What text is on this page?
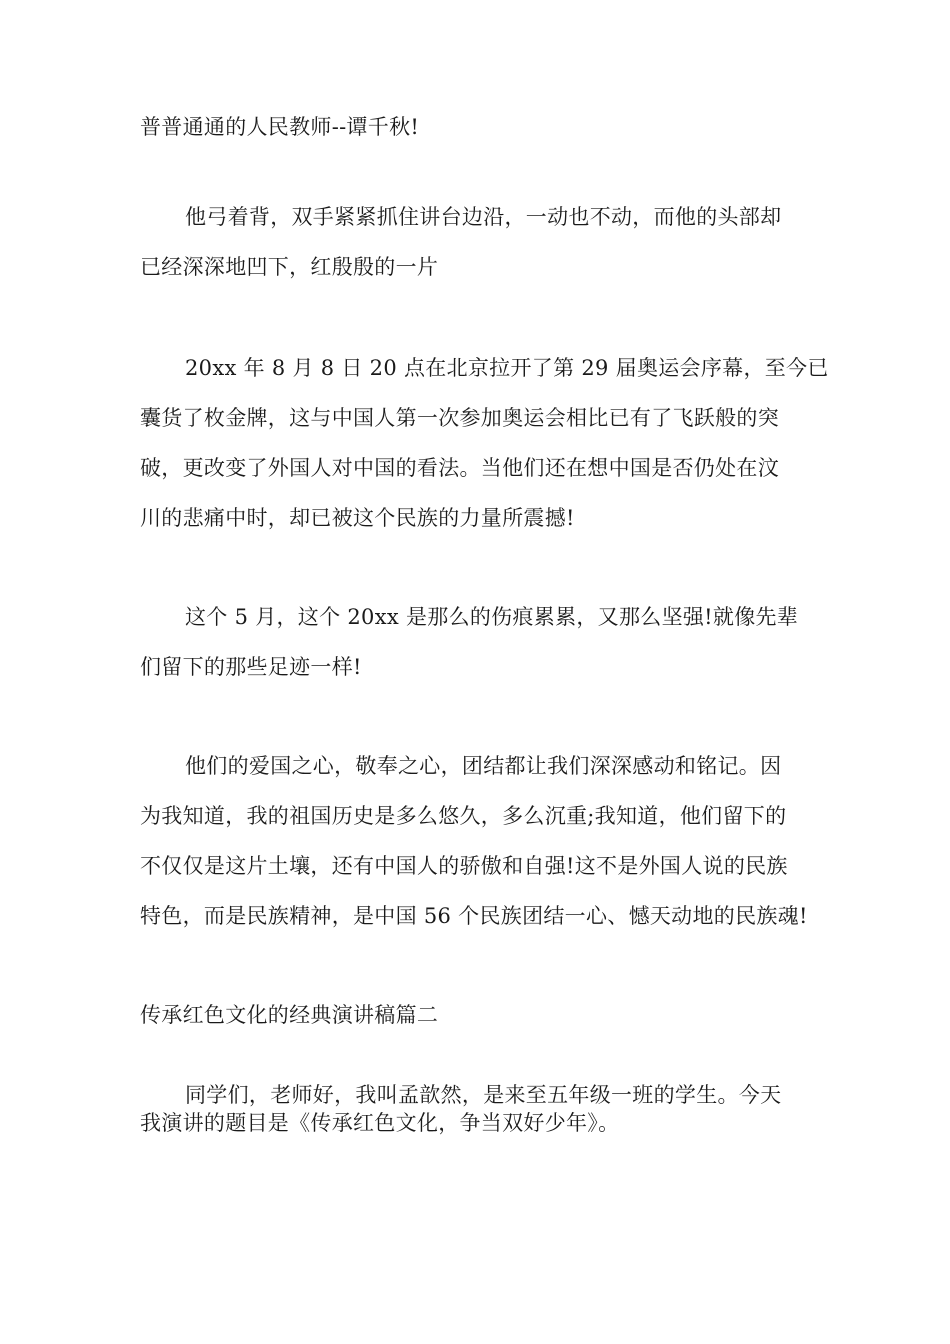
普普通通的人民教师--谭千秋!
他弓着背，双手紧紧抓住讲台边沿，一动也不动，而他的头部却
已经深深地凹下，红殷殷的一片
20xx 年 8 月 8 日 20 点在北京拉开了第 29 届奥运会序幕，至今已
囊货了枚金牌，这与中国人第一次参加奥运会相比已有了飞跃般的突
破，更改变了外国人对中国的看法。当他们还在想中国是否仍处在汶
川的悲痛中时，却已被这个民族的力量所震撼!
这个 5 月，这个 20xx 是那么的伤痕累累，又那么坚强!就像先辈
们留下的那些足迹一样!
他们的爱国之心，敬奉之心，团结都让我们深深感动和铭记。因
为我知道，我的祖国历史是多么悠久，多么沉重;我知道，他们留下的
不仅仅是这片土壤，还有中国人的骄傲和自强!这不是外国人说的民族
特色，而是民族精神，是中国 56 个民族团结一心、憾天动地的民族魂!
传承红色文化的经典演讲稿篇二
同学们，老师好，我叫孟歆然，是来至五年级一班的学生。今天
我演讲的题目是《传承红色文化，争当双好少年》。
